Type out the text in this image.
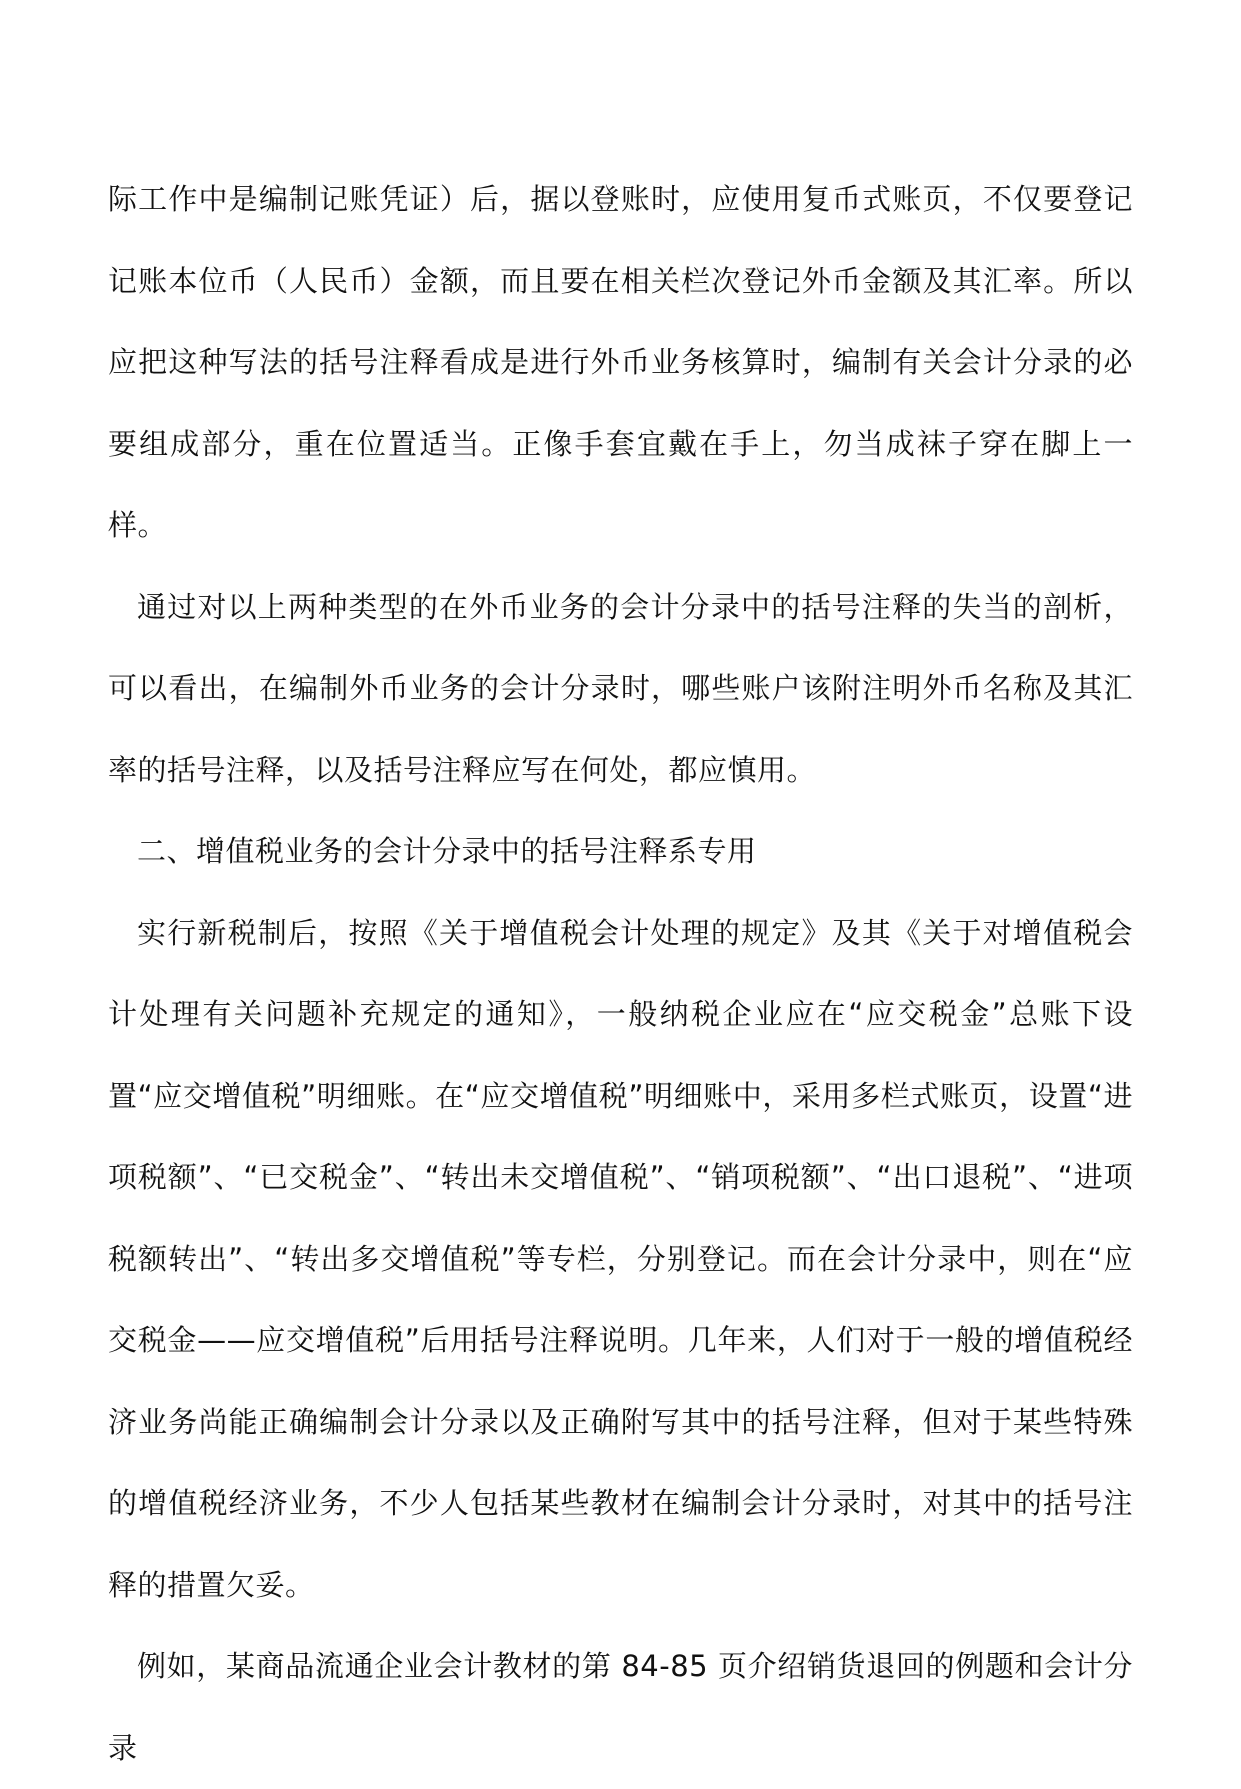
际工作中是编制记账凭证）后，据以登账时，应使用复币式账页，不仅要登记记账本位币（人民币）金额，而且要在相关栏次登记外币金额及其汇率。所以应把这种写法的括号注释看成是进行外币业务核算时，编制有关会计分录的必要组成部分，重在位置适当。正像手套宜戴在手上，勿当成袜子穿在脚上一样。

通过对以上两种类型的在外币业务的会计分录中的括号注释的失当的剖析，可以看出，在编制外币业务的会计分录时，哪些账户该附注明外币名称及其汇率的括号注释，以及括号注释应写在何处，都应慎用。

二、增值税业务的会计分录中的括号注释系专用

实行新税制后，按照《关于增值税会计处理的规定》及其《关于对增值税会计处理有关问题补充规定的通知》，一般纳税企业应在“应交税金”总账下设置“应交增值税”明细账。在“应交增值税”明细账中，采用多栏式账页，设置“进项税额”、“已交税金”、“转出未交增值税”、“销项税额”、“出口退税”、“进项税额转出”、“转出多交增值税”等专栏，分别登记。而在会计分录中，则在“应交税金——应交增值税”后用括号注释说明。几年来，人们对于一般的增值税经济业务尚能正确编制会计分录以及正确附写其中的括号注释，但对于某些特殊的增值税经济业务，不少人包括某些教材在编制会计分录时，对其中的括号注释的措置欠妥。

例如，某商品流通企业会计教材的第 84-85 页介绍销货退回的例题和会计分录
